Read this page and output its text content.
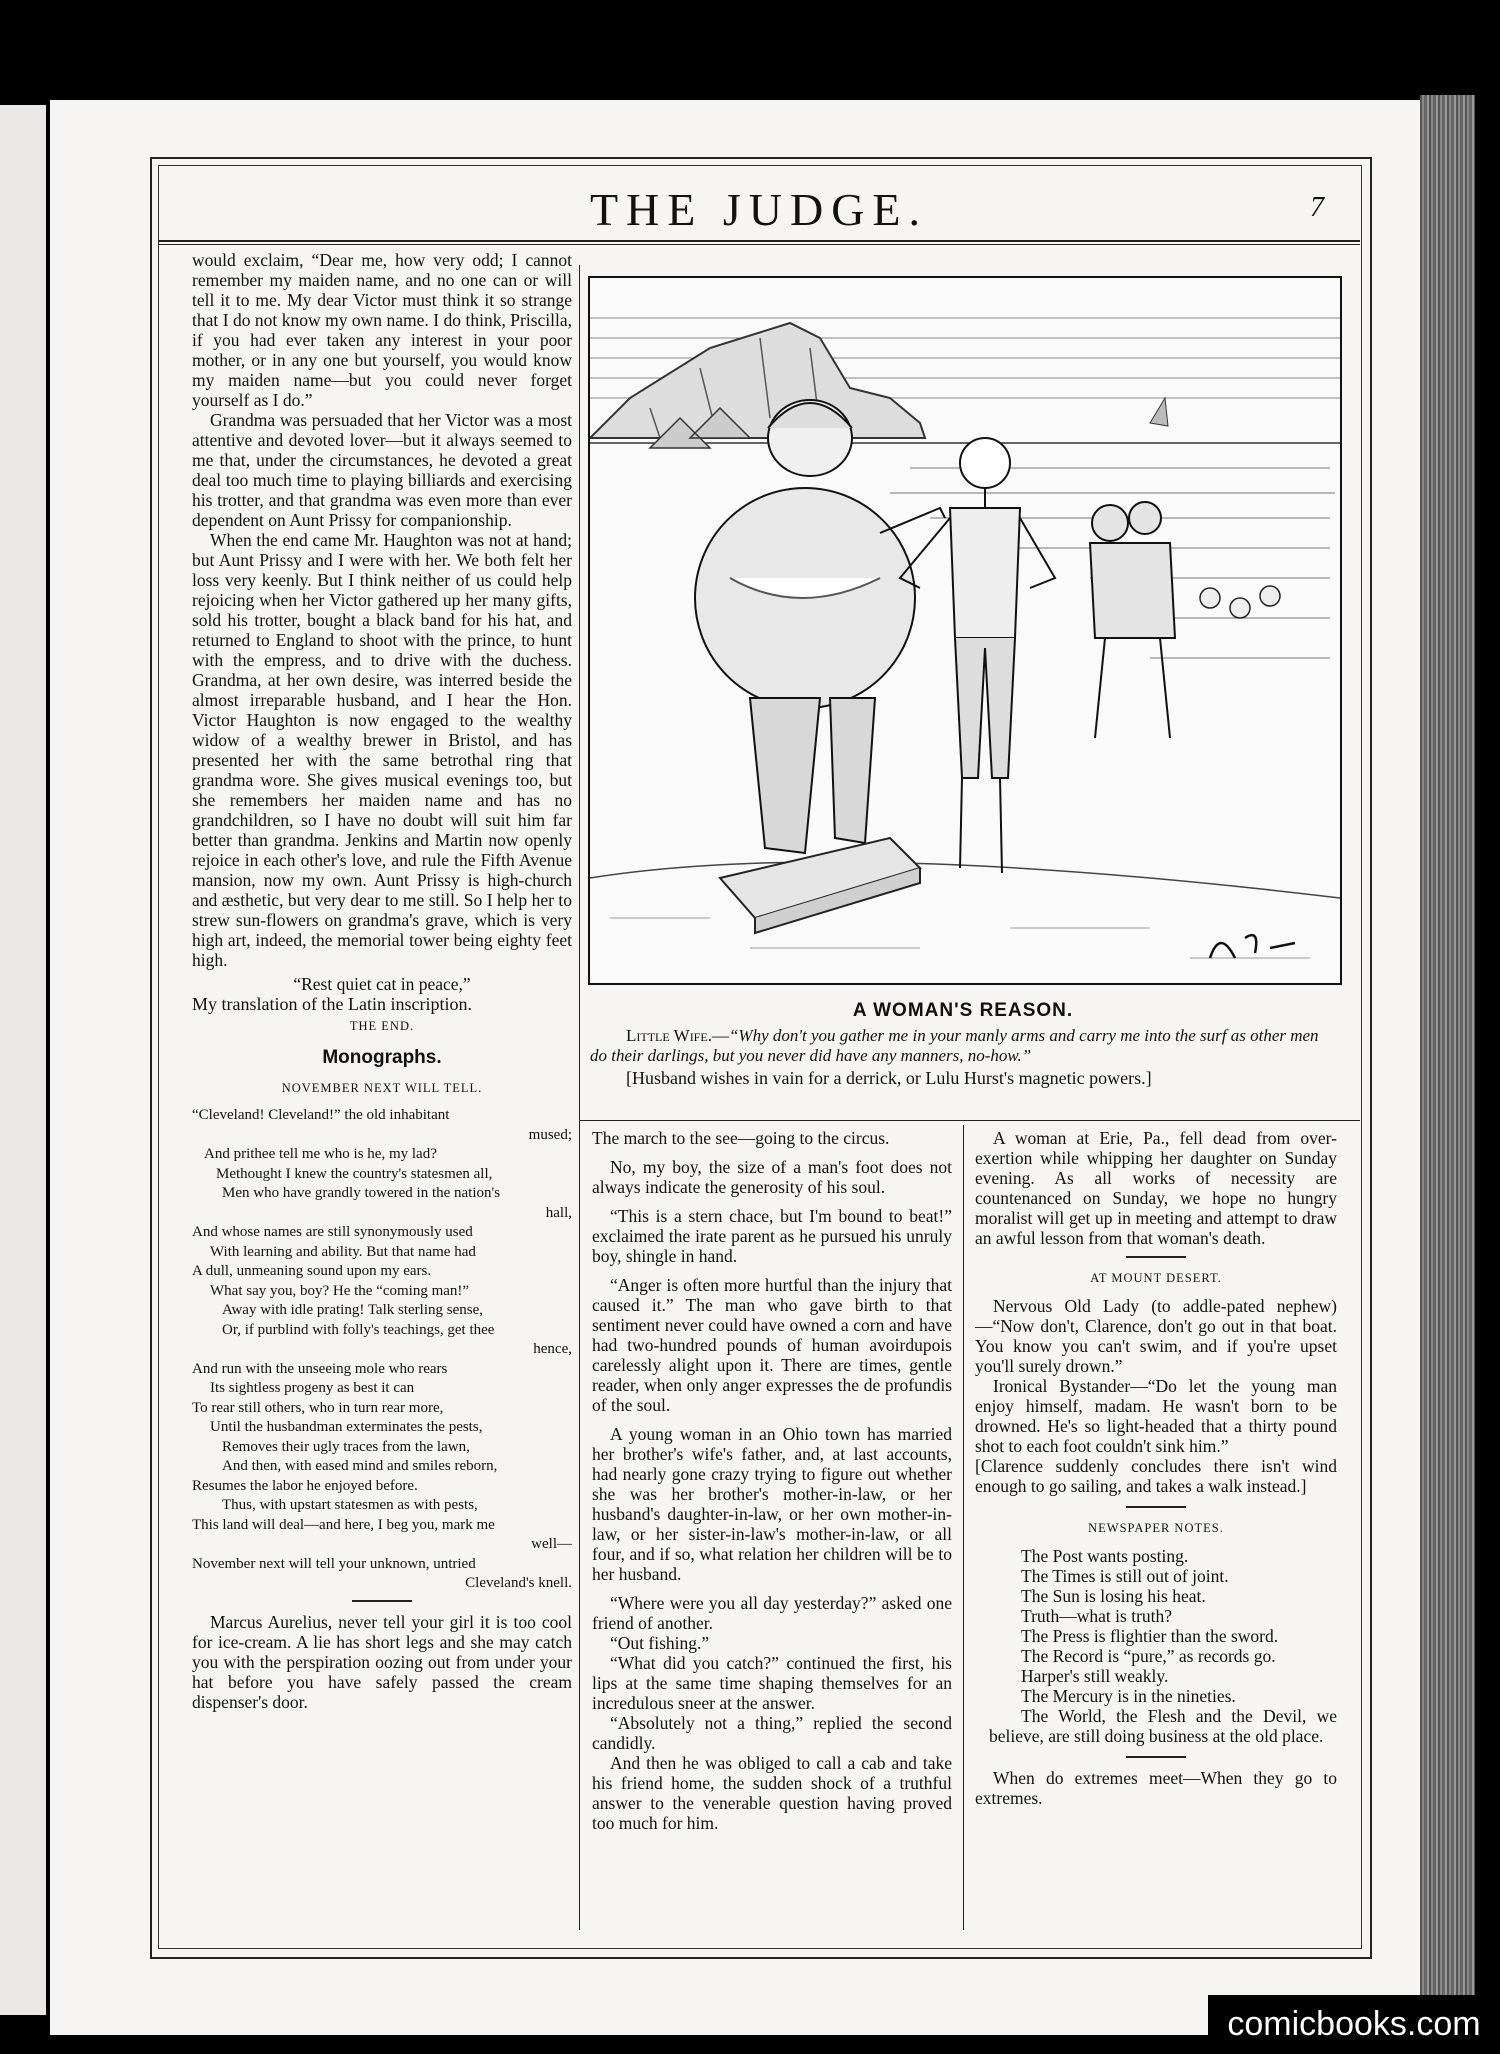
THE JUDGE.	7

would exclaim, “Dear me, how very odd; I cannot remember my maiden name, and no one can or will tell it to me. My dear Victor must think it so strange that I do not know my own name. I do think, Priscilla, if you had ever taken any interest in your poor mother, or in any one but yourself, you would know my maiden name—but you could never forget yourself as I do.”

Grandma was persuaded that her Victor was a most attentive and devoted lover—but it always seemed to me that, under the circumstances, he devoted a great deal too much time to playing billiards and exercising his trotter, and that grandma was even more than ever dependent on Aunt Prissy for companionship.

When the end came Mr. Haughton was not at hand; but Aunt Prissy and I were with her. We both felt her loss very keenly. But I think neither of us could help rejoicing when her Victor gathered up her many gifts, sold his trotter, bought a black band for his hat, and returned to England to shoot with the prince, to hunt with the empress, and to drive with the duchess. Grandma, at her own desire, was interred beside the almost irreparable husband, and I hear the Hon. Victor Haughton is now engaged to the wealthy widow of a wealthy brewer in Bristol, and has presented her with the same betrothal ring that grandma wore. She gives musical evenings too, but she remembers her maiden name and has no grandchildren, so I have no doubt will suit him far better than grandma. Jenkins and Martin now openly rejoice in each other's love, and rule the Fifth Avenue mansion, now my own. Aunt Prissy is high-church and æsthetic, but very dear to me still. So I help her to strew sun-flowers on grandma's grave, which is very high art, indeed, the memorial tower being eighty feet high.

“Rest quiet cat in peace,”

My translation of the Latin inscription.

THE END.
Monographs.
NOVEMBER NEXT WILL TELL.
“Cleveland! Cleveland!” the old inhabitant
mused;
And prithee tell me who is he, my lad?
Methought I knew the country's statesmen all,
Men who have grandly towered in the nation's
hall,
And whose names are still synonymously used
With learning and ability. But that name had
A dull, unmeaning sound upon my ears.
What say you, boy? He the “coming man!”
Away with idle prating! Talk sterling sense,
Or, if purblind with folly's teachings, get thee
hence,
And run with the unseeing mole who rears
Its sightless progeny as best it can
To rear still others, who in turn rear more,
Until the husbandman exterminates the pests,
Removes their ugly traces from the lawn,
And then, with eased mind and smiles reborn,
Resumes the labor he enjoyed before.
Thus, with upstart statesmen as with pests,
This land will deal—and here, I beg you, mark me
well—
November next will tell your unknown, untried
Cleveland's knell.

Marcus Aurelius, never tell your girl it is too cool for ice-cream. A lie has short legs and she may catch you with the perspiration oozing out from under your hat before you have safely passed the cream dispenser's door.

A WOMAN'S REASON.
Little Wife.—“Why don't you gather me in your manly arms and carry me into the surf as other men do their darlings, but you never did have any manners, no-how.”
[Husband wishes in vain for a derrick, or Lulu Hurst's magnetic powers.]

The march to the see—going to the circus.

No, my boy, the size of a man's foot does not always indicate the generosity of his soul.

“This is a stern chace, but I'm bound to beat!” exclaimed the irate parent as he pursued his unruly boy, shingle in hand.

“Anger is often more hurtful than the injury that caused it.” The man who gave birth to that sentiment never could have owned a corn and have had two-hundred pounds of human avoirdupois carelessly alight upon it. There are times, gentle reader, when only anger expresses the de profundis of the soul.

A young woman in an Ohio town has married her brother's wife's father, and, at last accounts, had nearly gone crazy trying to figure out whether she was her brother's mother-in-law, or her husband's daughter-in-law, or her own mother-in-law, or her sister-in-law's mother-in-law, or all four, and if so, what relation her children will be to her husband.

“Where were you all day yesterday?” asked one friend of another.

“Out fishing.”

“What did you catch?” continued the first, his lips at the same time shaping themselves for an incredulous sneer at the answer.

“Absolutely not a thing,” replied the second candidly.

And then he was obliged to call a cab and take his friend home, the sudden shock of a truthful answer to the venerable question having proved too much for him.

A woman at Erie, Pa., fell dead from over-exertion while whipping her daughter on Sunday evening. As all works of necessity are countenanced on Sunday, we hope no hungry moralist will get up in meeting and attempt to draw an awful lesson from that woman's death.

AT MOUNT DESERT.

Nervous Old Lady (to addle-pated nephew)—“Now don't, Clarence, don't go out in that boat. You know you can't swim, and if you're upset you'll surely drown.”

Ironical Bystander—“Do let the young man enjoy himself, madam. He wasn't born to be drowned. He's so light-headed that a thirty pound shot to each foot couldn't sink him.”

[Clarence suddenly concludes there isn't wind enough to go sailing, and takes a walk instead.]

NEWSPAPER NOTES.
The Post wants posting.
The Times is still out of joint.
The Sun is losing his heat.
Truth—what is truth?
The Press is flightier than the sword.
The Record is “pure,” as records go.
Harper's still weakly.
The Mercury is in the nineties.
The World, the Flesh and the Devil, we believe, are still doing business at the old place.

When do extremes meet—When they go to extremes.

comicbooks.com
